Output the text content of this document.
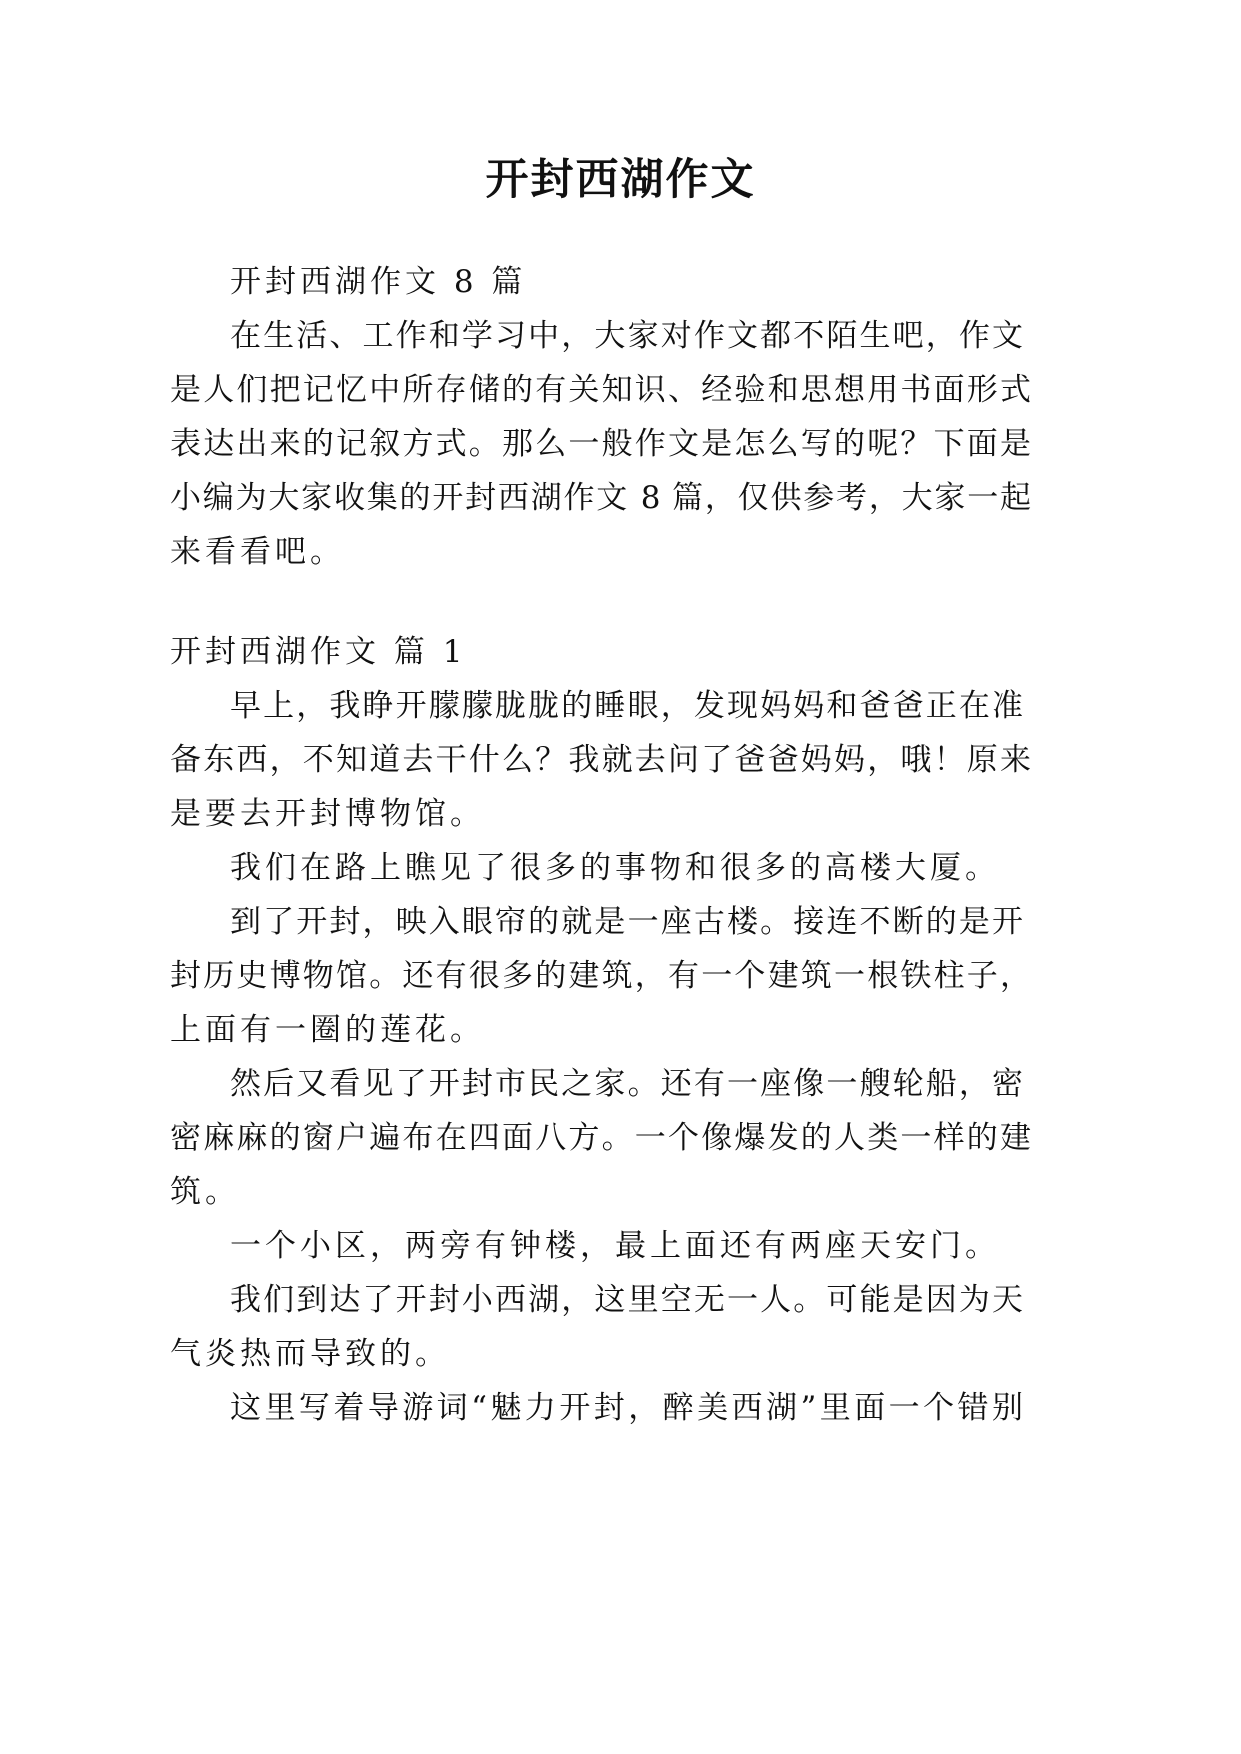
开封西湖作文

开封西湖作文 8 篇

在生活、工作和学习中，大家对作文都不陌生吧，作文

是人们把记忆中所存储的有关知识、经验和思想用书面形式

表达出来的记叙方式。那么一般作文是怎么写的呢？下面是

小编为大家收集的开封西湖作文 8 篇，仅供参考，大家一起

来看看吧。

开封西湖作文 篇 1

早上，我睁开朦朦胧胧的睡眼，发现妈妈和爸爸正在准

备东西，不知道去干什么？我就去问了爸爸妈妈，哦！原来

是要去开封博物馆。

我们在路上瞧见了很多的事物和很多的高楼大厦。

到了开封，映入眼帘的就是一座古楼。接连不断的是开

封历史博物馆。还有很多的建筑，有一个建筑一根铁柱子，

上面有一圈的莲花。

然后又看见了开封市民之家。还有一座像一艘轮船，密

密麻麻的窗户遍布在四面八方。一个像爆发的人类一样的建

筑。

一个小区，两旁有钟楼，最上面还有两座天安门。

我们到达了开封小西湖，这里空无一人。可能是因为天

气炎热而导致的。

这里写着导游词“魅力开封，醉美西湖”里面一个错别
